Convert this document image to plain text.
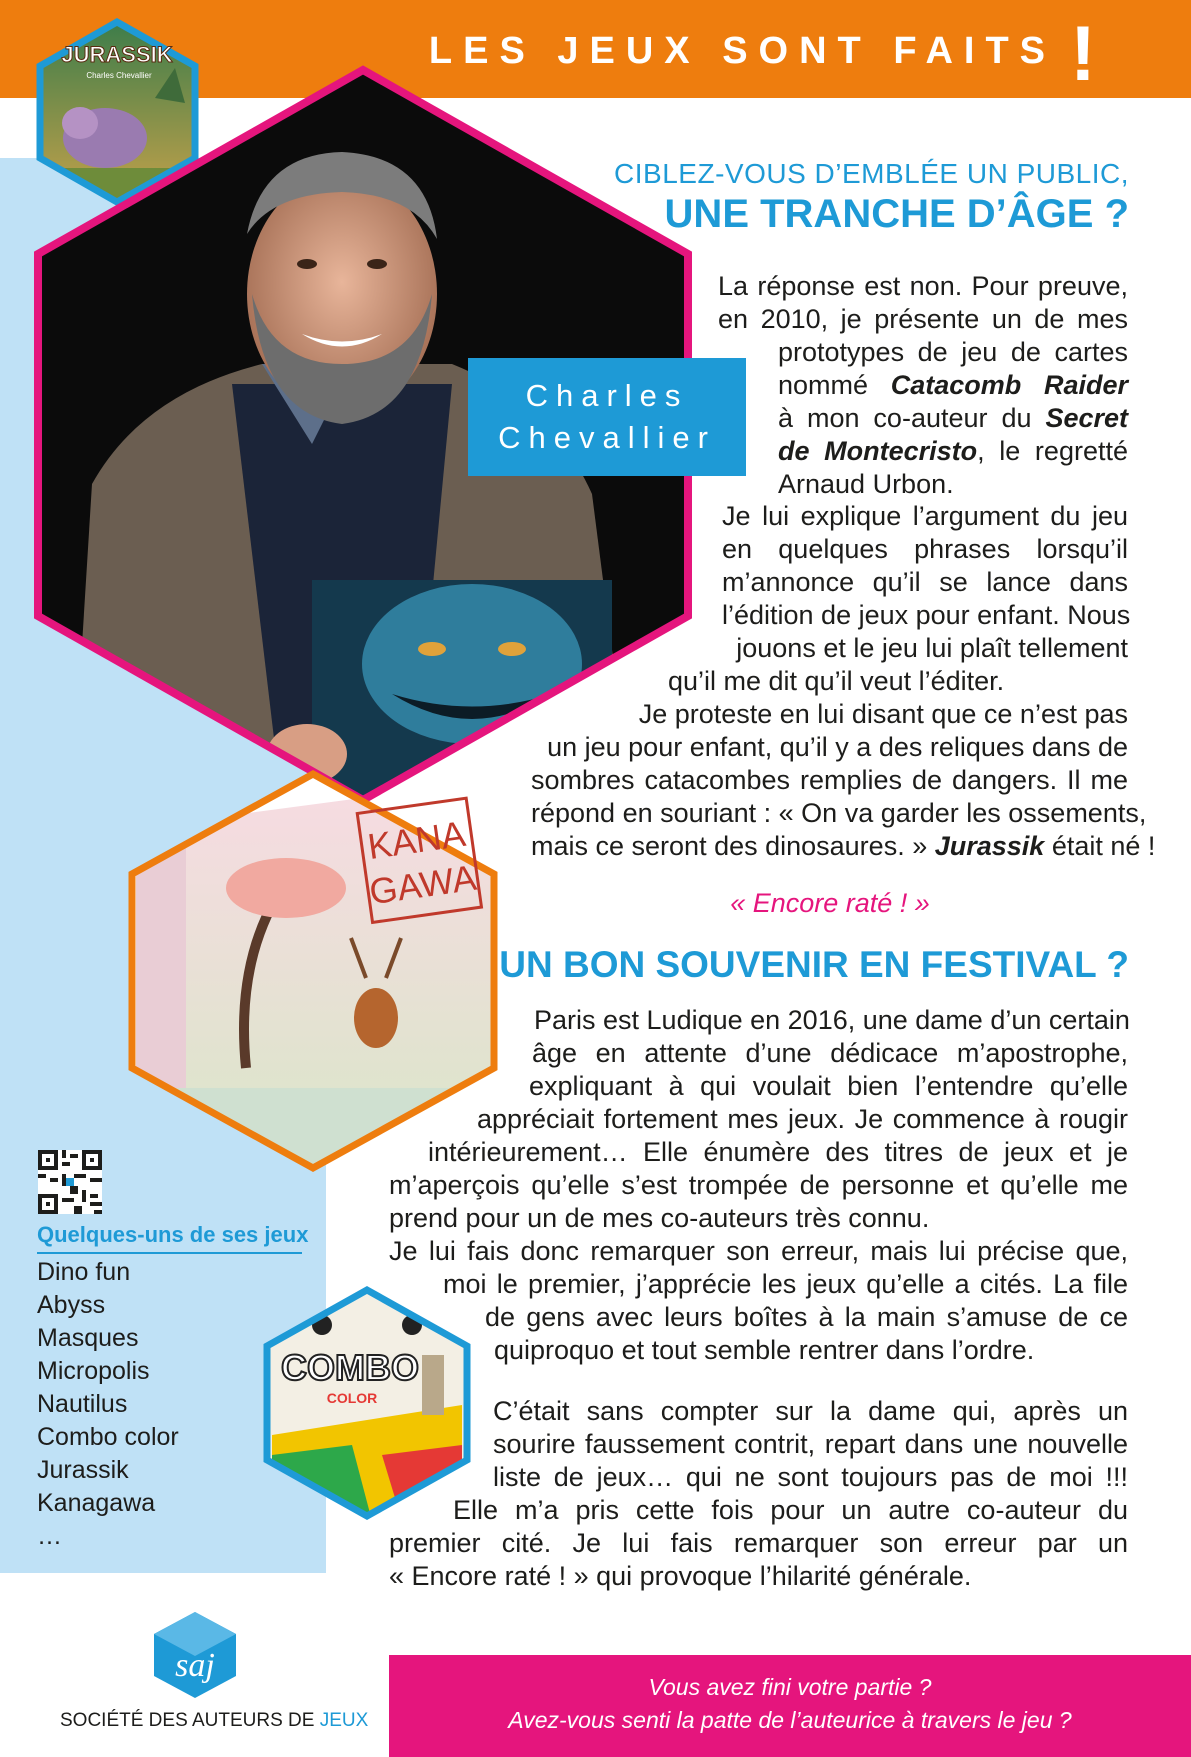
LES JEUX SONT FAITS !
JURASSIK
Charles Chevallier
Charles
Chevallier
KANA
GAWA
COMBO
COLOR
CIBLEZ-VOUS D’EMBLÉE UN PUBLIC,
UNE TRANCHE D’ÂGE ?
La réponse est non. Pour preuve,
en 2010, je présente un de mes
prototypes de jeu de cartes
nommé Catacomb Raider
à mon co-auteur du Secret
de Montecristo, le regretté
Arnaud Urbon.
Je lui explique l’argument du jeu
en quelques phrases lorsqu’il
m’annonce qu’il se lance dans
l’édition de jeux pour enfant. Nous
jouons et le jeu lui plaît tellement
qu’il me dit qu’il veut l’éditer.
Je proteste en lui disant que ce n’est pas
un jeu pour enfant, qu’il y a des reliques dans de
sombres catacombes remplies de dangers. Il me
répond en souriant : « On va garder les ossements,
mais ce seront des dinosaures. » Jurassik était né !
« Encore raté ! »
UN BON SOUVENIR EN FESTIVAL ?
Paris est Ludique en 2016, une dame d’un certain
âge en attente d’une dédicace m’apostrophe,
expliquant à qui voulait bien l’entendre qu’elle
appréciait fortement mes jeux. Je commence à rougir
intérieurement… Elle énumère des titres de jeux et je
m’aperçois qu’elle s’est trompée de personne et qu’elle me
prend pour un de mes co-auteurs très connu.
Je lui fais donc remarquer son erreur, mais lui précise que,
moi le premier, j’apprécie les jeux qu’elle a cités. La file
de gens avec leurs boîtes à la main s’amuse de ce
quiproquo et tout semble rentrer dans l’ordre.
C’était sans compter sur la dame qui, après un
sourire faussement contrit, repart dans une nouvelle
liste de jeux… qui ne sont toujours pas de moi !!!
Elle m’a pris cette fois pour un autre co-auteur du
premier cité. Je lui fais remarquer son erreur par un
« Encore raté ! » qui provoque l’hilarité générale.
Quelques-uns de ses jeux
Dino fun
Abyss
Masques
Micropolis
Nautilus
Combo color
Jurassik
Kanagawa
…
saj
SOCIÉTÉ DES AUTEURS DE JEUX
Vous avez fini votre partie ?
Avez-vous senti la patte de l’auteurice à travers le jeu ?
